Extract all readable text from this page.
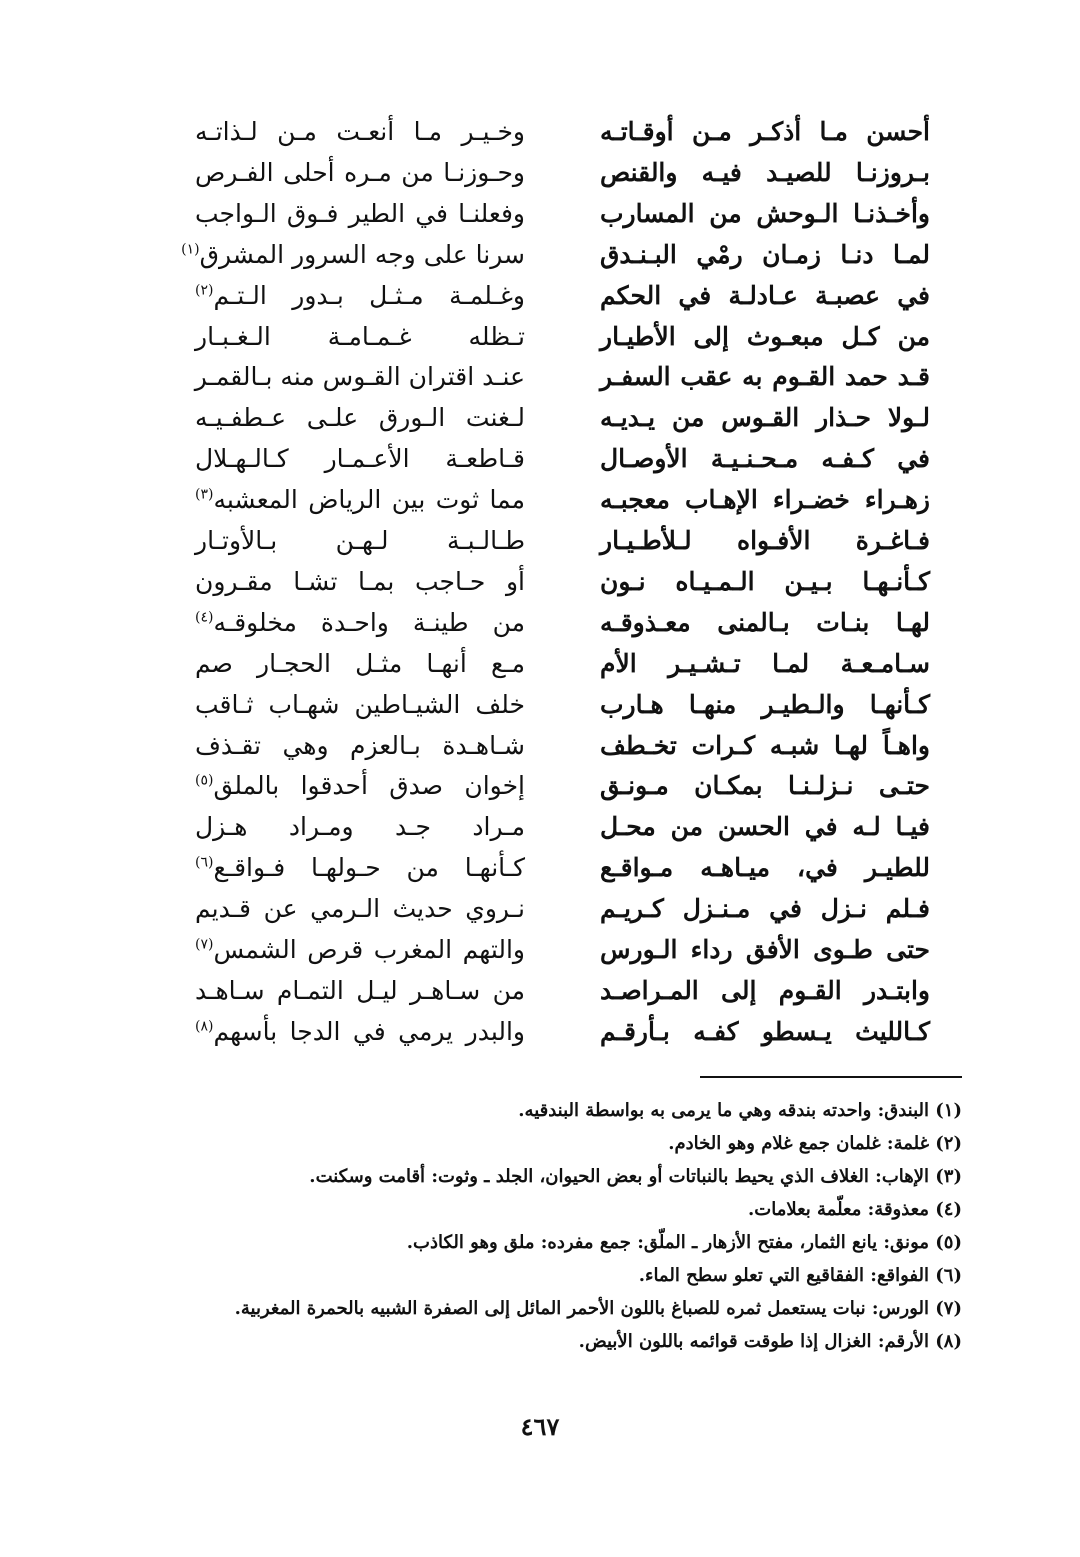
أحسن مـا أذكـر مـن أوقـاتـه
وخـيـر مـا أنعـت مـن لـذاتـه
بـروزنـا للصيـد فيـه والقنص
وحـوزنـا من مـره أحلى الفـرص
وأخـذنـا الـوحش من المسارب
وفعلنـا في الطير فـوق الـواجب
لمـا دنـا زمـان رمْي البـنـدق
سرنا على وجه السرور المشرق$^{(١)}$
في عصبـة عـادلـة في الحكم
وغـلمـة مـثـل بـدور الـتـم$^{(٢)}$
من كـل مبعـوث إلى الأطيـار
تـظله غـمـامـة الـغـبـار
قـد حمد القـوم به عقب السفـر
عنـد اقتران القـوس منه بـالقمـر
لـولا حـذار القـوس من يـديـه
لـغنت الـورق علـى عـطفـيـه
في كـفـه مـحـنـيـة الأوصـال
قـاطعـة الأعـمـار كـالـهـلال
زهـراء خضـراء الإهـاب معجبـه
مما ثوت بين الرياض المعشبه$^{(٣)}$
فـاغـرة الأفـواه لـلأطـيـار
طـالـبـة لـهـن بـالأوتـار
كـأنـهـا بـيـن الـمـيـاه نـون
أو حـاجب بمـا تشـا مقـرون
لهـا بنـات بـالمنى معـذوقـه
من طينـة واحـدة مخلوقـه$^{(٤)}$
سـامـعـة لمـا تـشـيـر الأم
مـع أنهـا مثـل الحجـار صم
كـأنهـا والـطيـر منهـا هـارب
خلف الشيـاطين شهـاب ثـاقب
واهـاً لهـا شبـه كـرات تخـطف
شـاهـدة بـالعزم وهي تقـذف
حتـى نـزلـنـا بمكـان مـونـق
إخوان صدق أحدقوا بالملق$^{(٥)}$
فيـا لـه في الحسن من محـل
مـراد جـد ومـراد هـزل
للطيـر في، ميـاهـه مـواقـع
كـأنهـا من حـولهـا فـواقـع$^{(٦)}$
فـلم نـزل في مـنـزل كـريـم
نـروي حديث الـرمي عن قـديم
حتى طـوى الأفق رداء الـورس
والتهم المغرب قرص الشمس$^{(٧)}$
وابتـدر القـوم إلى المـراصـد
من سـاهـر ليـل التمـام سـاهـد
كـالليث يـسطو كفـه بـأرقـم
والبدر يرمي في الدجا بأسهم$^{(٨)}$
(١) البندق: واحدته بندقه وهي ما يرمى به بواسطة البندقيه.
(٢) غلمة: غلمان جمع غلام وهو الخادم.
(٣) الإهاب: الغلاف الذي يحيط بالنباتات أو بعض الحيوان، الجلد ـ وثوت: أقامت وسكنت.
(٤) معذوقة: معلّمة بعلامات.
(٥) مونق: يانع الثمار، مفتح الأزهار ـ الملّق: جمع مفرده: ملق وهو الكاذب.
(٦) الفواقع: الفقاقيع التي تعلو سطح الماء.
(٧) الورس: نبات يستعمل ثمره للصباغ باللون الأحمر المائل إلى الصفرة الشبيه بالحمرة المغربية.
(٨) الأرقم: الغزال إذا طوقت قوائمه باللون الأبيض.
٤٦٧
